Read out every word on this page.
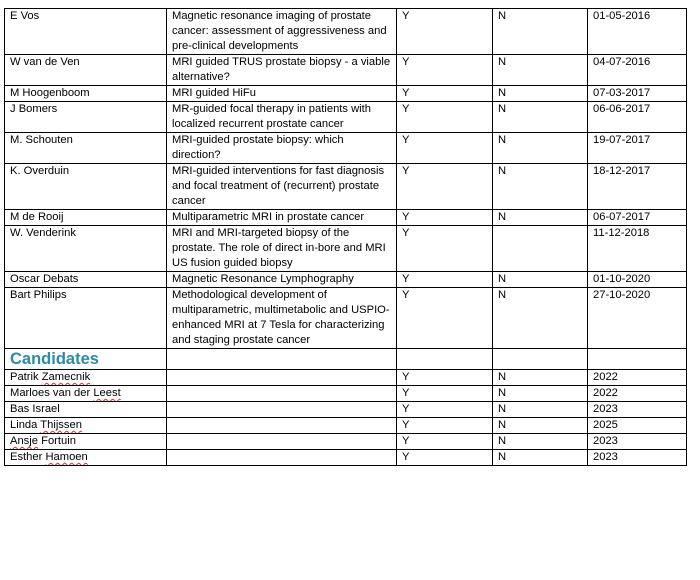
E Vos	Magnetic resonance imaging of prostate cancer: assessment of aggressiveness and pre-clinical developments	Y	N	01-05-2016
W van de Ven	MRI guided TRUS prostate biopsy - a viable alternative?	Y	N	04-07-2016
M Hoogenboom	MRI guided HiFu	Y	N	07-03-2017
J Bomers	MR-guided focal therapy in patients with localized recurrent prostate cancer	Y	N	06-06-2017
M. Schouten	MRI-guided prostate biopsy: which direction?	Y	N	19-07-2017
K. Overduin	MRI-guided interventions for fast diagnosis and focal treatment of (recurrent) prostate cancer	Y	N	18-12-2017
M de Rooij	Multiparametric MRI in prostate cancer	Y	N	06-07-2017
W. Venderink	MRI and MRI-targeted biopsy of the prostate. The role of direct in-bore and MRI US fusion guided biopsy	Y		11-12-2018
Oscar Debats	Magnetic Resonance Lymphography	Y	N	01-10-2020
Bart Philips	Methodological development of multiparametric, multimetabolic and USPIO-enhanced MRI at 7 Tesla for characterizing and staging prostate cancer	Y	N	27-10-2020
Candidates				
Patrik Zamecnik		Y	N	2022
Marloes van der Leest		Y	N	2022
Bas Israel		Y	N	2023
Linda Thijssen		Y	N	2025
Ansje Fortuin		Y	N	2023
Esther Hamoen		Y	N	2023
